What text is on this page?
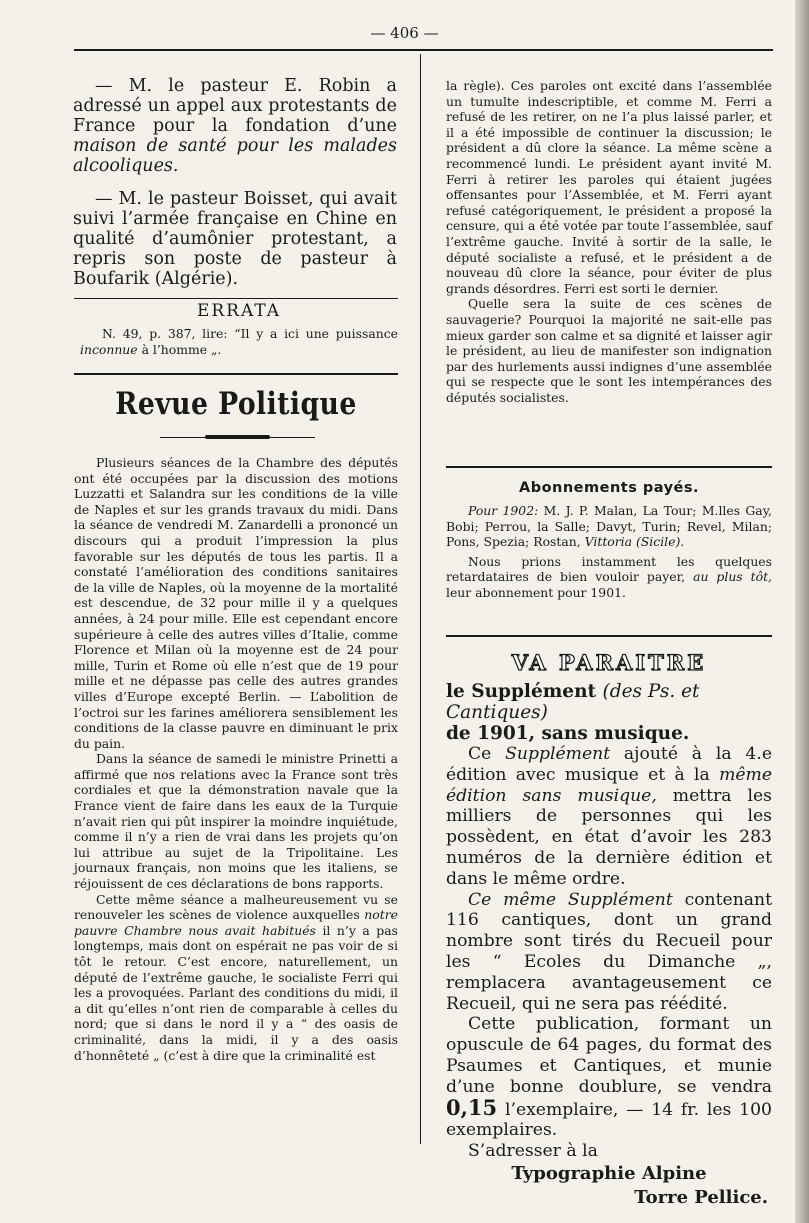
— 406 —

— M. le pasteur E. Robin a adressé un appel aux protestants de France pour la fondation d’une maison de santé pour les malades alcooliques.

— M. le pasteur Boisset, qui avait suivi l’armée française en Chine en qualité d’aumônier protestant, a repris son poste de pasteur à Boufarik (Algérie).

ERRATA

N. 49, p. 387, lire: “Il y a ici une puissance inconnue à l’homme „.

Revue Politique

Plusieurs séances de la Chambre des députés ont été occupées par la discussion des motions Luzzatti et Salandra sur les conditions de la ville de Naples et sur les grands travaux du midi. Dans la séance de vendredi M. Zanardelli a prononcé un discours qui a produit l’impression la plus favorable sur les députés de tous les partis. Il a constaté l’amélioration des conditions sanitaires de la ville de Naples, où la moyenne de la mortalité est descendue, de 32 pour mille il y a quelques années, à 24 pour mille. Elle est cependant encore supérieure à celle des autres villes d’Italie, comme Florence et Milan où la moyenne est de 24 pour mille, Turin et Rome où elle n’est que de 19 pour mille et ne dépasse pas celle des autres grandes villes d’Europe excepté Berlin. — L’abolition de l’octroi sur les farines améliorera sensiblement les conditions de la classe pauvre en diminuant le prix du pain.

Dans la séance de samedi le ministre Prinetti a affirmé que nos relations avec la France sont très cordiales et que la démonstration navale que la France vient de faire dans les eaux de la Turquie n’avait rien qui pût inspirer la moindre inquiétude, comme il n’y a rien de vrai dans les projets qu’on lui attribue au sujet de la Tripolitaine. Les journaux français, non moins que les italiens, se réjouissent de ces déclarations de bons rapports.

Cette même séance a malheureusement vu se renouveler les scènes de violence auxquelles notre pauvre Chambre nous avait habitués il n’y a pas longtemps, mais dont on espérait ne pas voir de si tôt le retour. C’est encore, naturellement, un député de l’extrême gauche, le socialiste Ferri qui les a provoquées. Parlant des conditions du midi, il a dit qu’elles n’ont rien de comparable à celles du nord; que si dans le nord il y a “ des oasis de criminalité, dans la midi, il y a des oasis d’honnêteté „ (c’est à dire que la criminalité est

la règle). Ces paroles ont excité dans l’assemblée un tumulte indescriptible, et comme M. Ferri a refusé de les retirer, on ne l’a plus laissé parler, et il a été impossible de continuer la discussion; le président a dû clore la séance. La même scène a recommencé lundi. Le président ayant invité M. Ferri à retirer les paroles qui étaient jugées offensantes pour l’Assemblée, et M. Ferri ayant refusé catégoriquement, le président a proposé la censure, qui a été votée par toute l’assemblée, sauf l’extrême gauche. Invité à sortir de la salle, le député socialiste a refusé, et le président a de nouveau dû clore la séance, pour éviter de plus grands désordres. Ferri est sorti le dernier.

Quelle sera la suite de ces scènes de sauvagerie? Pourquoi la majorité ne sait-elle pas mieux garder son calme et sa dignité et laisser agir le président, au lieu de manifester son indignation par des hurlements aussi indignes d’une assemblée qui se respecte que le sont les intempérances des députés socialistes.

Abonnements payés.

Pour 1902: M. J. P. Malan, La Tour; M.lles Gay, Bobi; Perrou, la Salle; Davyt, Turin; Revel, Milan; Pons, Spezia; Rostan, Vittoria (Sicile).

Nous prions instamment les quelques retardataires de bien vouloir payer, au plus tôt, leur abonnement pour 1901.

VA PARAITRE
le Supplément (des Ps. et Cantiques)
de 1901, sans musique.

Ce Supplément ajouté à la 4.e édition avec musique et à la même édition sans musique, mettra les milliers de personnes qui les possèdent, en état d’avoir les 283 numéros de la dernière édition et dans le même ordre.

Ce même Supplément contenant 116 cantiques, dont un grand nombre sont tirés du Recueil pour les “ Ecoles du Dimanche „, remplacera avantageusement ce Recueil, qui ne sera pas réédité.

Cette publication, formant un opuscule de 64 pages, du format des Psaumes et Cantiques, et munie d’une bonne doublure, se vendra 0,15 l’exemplaire, — 14 fr. les 100 exemplaires.

S’adresser à la

Typographie Alpine
Torre Pellice.
